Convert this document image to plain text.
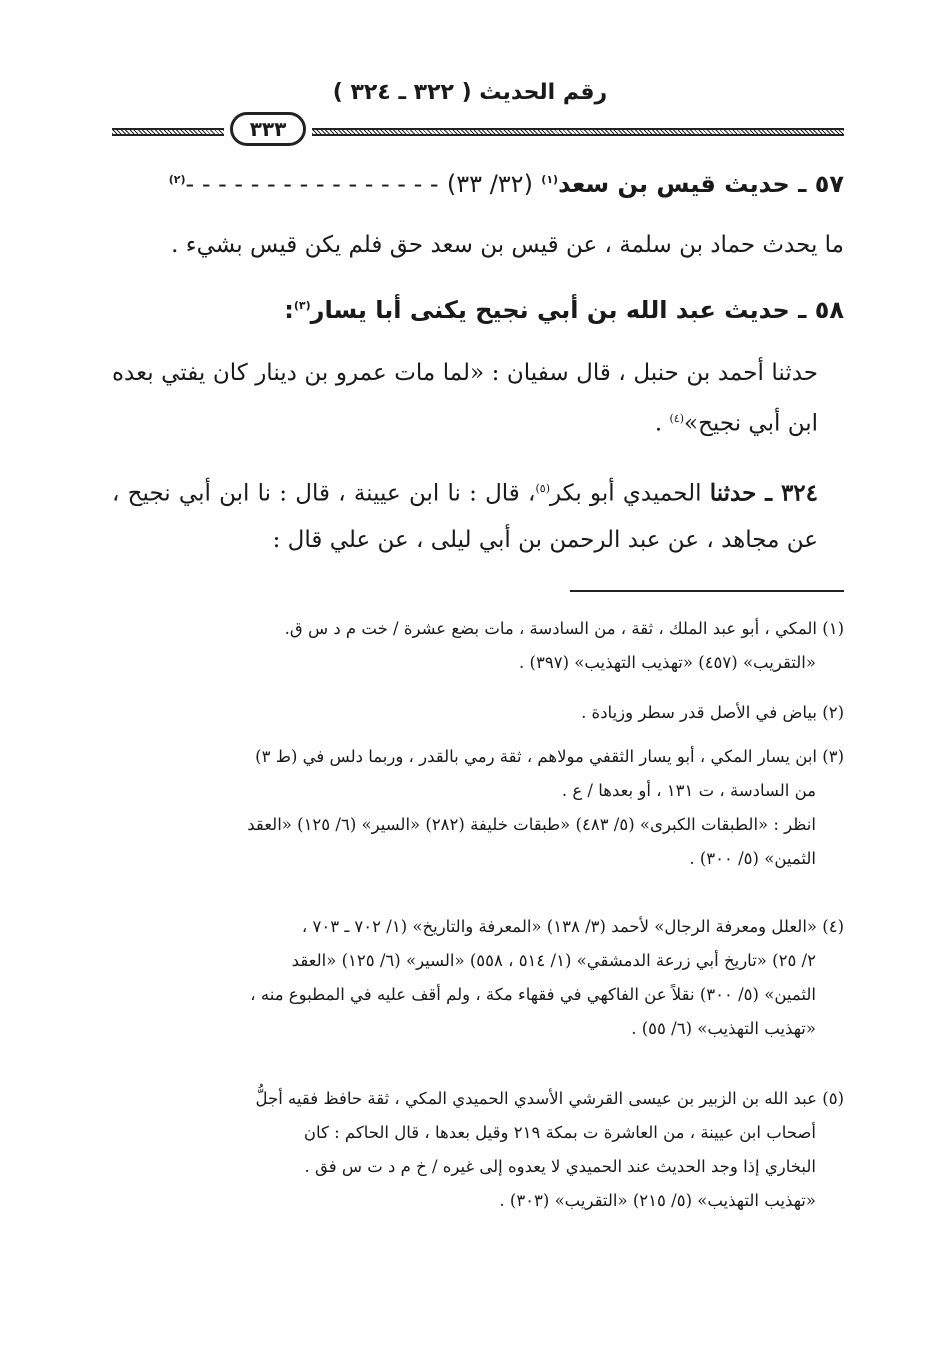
رقم الحديث ( ٣٢٢ ـ ٣٢٤ )
٣٣٣
٥٧ ـ حديث قيس بن سعد$^{(١)}$ (٣٢/ ٣٣) - - - - - - - - - - - - - - - -$^{(٢)}$
ما يحدث حماد بن سلمة ، عن قيس بن سعد حق فلم يكن قيس بشيء .
٥٨ ـ حديث عبد الله بن أبي نجيح يكنى أبا يسار$^{(٣)}$:
حدثنا أحمد بن حنبل ، قال سفيان : «لما مات عمرو بن دينار كان يفتي بعده ابن أبي نجيح»$^{(٤)}$ .
٣٢٤ ـ حدثنا الحميدي أبو بكر$^{(٥)}$، قال : نا ابن عيينة ، قال : نا ابن أبي نجيح ، عن مجاهد ، عن عبد الرحمن بن أبي ليلى ، عن علي قال :
(١) المكي ، أبو عبد الملك ، ثقة ، من السادسة ، مات بضع عشرة / خت م د س ق.
«التقريب» (٤٥٧) «تهذيب التهذيب» (٣٩٧) .
(٢) بياض في الأصل قدر سطر وزيادة .
(٣) ابن يسار المكي ، أبو يسار الثقفي مولاهم ، ثقة رمي بالقدر ، وربما دلس في (ط ٣)
من السادسة ، ت ١٣١ ، أو بعدها / ع .
انظر : «الطبقات الكبرى» (٥/ ٤٨٣) «طبقات خليفة (٢٨٢) «السير» (٦/ ١٢٥) «العقد
الثمين» (٥/ ٣٠٠) .
(٤) «العلل ومعرفة الرجال» لأحمد (٣/ ١٣٨) «المعرفة والتاريخ» (١/ ٧٠٢ ـ ٧٠٣ ،
٢/ ٢٥) «تاريخ أبي زرعة الدمشقي» (١/ ٥١٤ ، ٥٥٨) «السير» (٦/ ١٢٥) «العقد
الثمين» (٥/ ٣٠٠) نقلاً عن الفاكهي في فقهاء مكة ، ولم أقف عليه في المطبوع منه ،
«تهذيب التهذيب» (٦/ ٥٥) .
(٥) عبد الله بن الزبير بن عيسى القرشي الأسدي الحميدي المكي ، ثقة حافظ فقيه أجلُّ
أصحاب ابن عيينة ، من العاشرة ت بمكة ٢١٩ وقيل بعدها ، قال الحاكم : كان
البخاري إذا وجد الحديث عند الحميدي لا يعدوه إلى غيره / خ م د ت س فق .
«تهذيب التهذيب» (٥/ ٢١٥) «التقريب» (٣٠٣) .
